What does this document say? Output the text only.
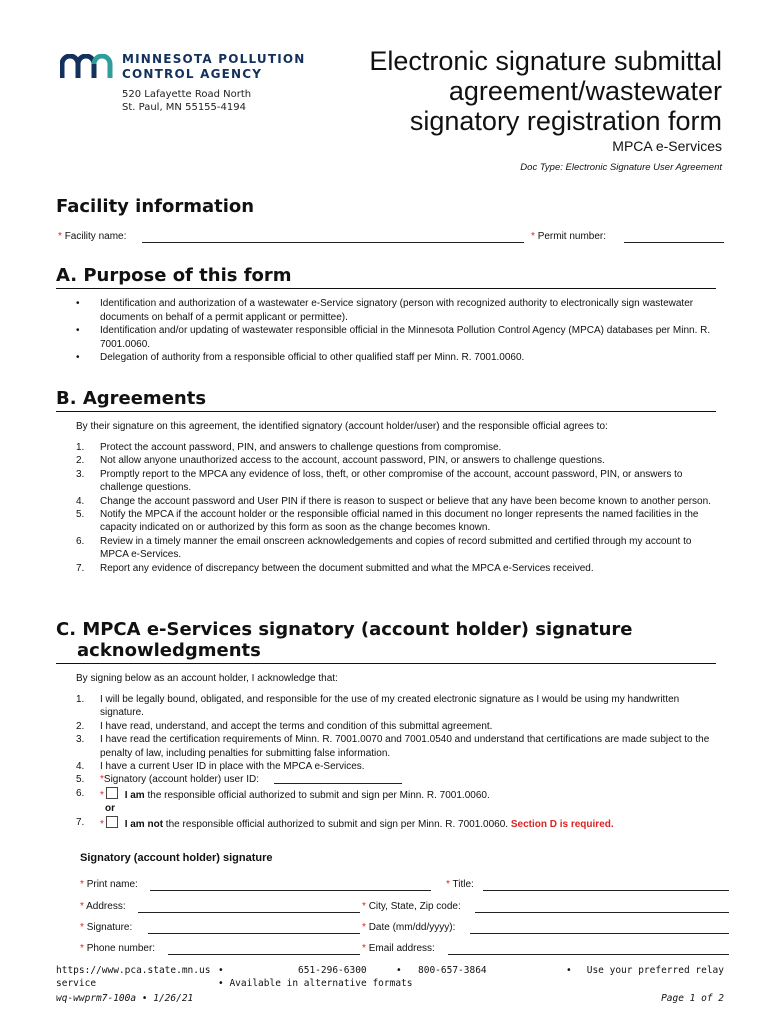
MINNESOTA POLLUTION
CONTROL AGENCY
520 Lafayette Road North
St. Paul, MN 55155-4194
Electronic signature submittal
agreement/wastewater
signatory registration form
MPCA e-Services
Doc Type: Electronic Signature User Agreement
Facility information
* Facility name:	* Permit number:
A. Purpose of this form
• Identification and authorization of a wastewater e-Service signatory (person with recognized authority to electronically sign wastewater documents on behalf of a permit applicant or permittee).
• Identification and/or updating of wastewater responsible official in the Minnesota Pollution Control Agency (MPCA) databases per Minn. R. 7001.0060.
• Delegation of authority from a responsible official to other qualified staff per Minn. R. 7001.0060.
B. Agreements
By their signature on this agreement, the identified signatory (account holder/user) and the responsible official agrees to:
1. Protect the account password, PIN, and answers to challenge questions from compromise.
2. Not allow anyone unauthorized access to the account, account password, PIN, or answers to challenge questions.
3. Promptly report to the MPCA any evidence of loss, theft, or other compromise of the account, account password, PIN, or answers to challenge questions.
4. Change the account password and User PIN if there is reason to suspect or believe that any have been become known to another person.
5. Notify the MPCA if the account holder or the responsible official named in this document no longer represents the named facilities in the capacity indicated on or authorized by this form as soon as the change becomes known.
6. Review in a timely manner the email onscreen acknowledgements and copies of record submitted and certified through my account to MPCA e-Services.
7. Report any evidence of discrepancy between the document submitted and what the MPCA e-Services received.
C. MPCA e-Services signatory (account holder) signature
acknowledgments
By signing below as an account holder, I acknowledge that:
1. I will be legally bound, obligated, and responsible for the use of my created electronic signature as I would be using my handwritten signature.
2. I have read, understand, and accept the terms and condition of this submittal agreement.
3. I have read the certification requirements of Minn. R. 7001.0070 and 7001.0540 and understand that certifications are made subject to the penalty of law, including penalties for submitting false information.
4. I have a current User ID in place with the MPCA e-Services.
5. *Signatory (account holder) user ID:
6. * I am the responsible official authorized to submit and sign per Minn. R. 7001.0060.
or
7. * I am not the responsible official authorized to submit and sign per Minn. R. 7001.0060. Section D is required.
Signatory (account holder) signature
* Print name:	* Title:
* Address:	* City, State, Zip code:
* Signature:	* Date (mm/dd/yyyy):
* Phone number:	* Email address:
https://www.pca.state.mn.us •	651-296-6300	• 800-657-3864	• Use your preferred relay
service	• Available in alternative formats
wq-wwprm7-100a • 1/26/21	Page 1 of 2
